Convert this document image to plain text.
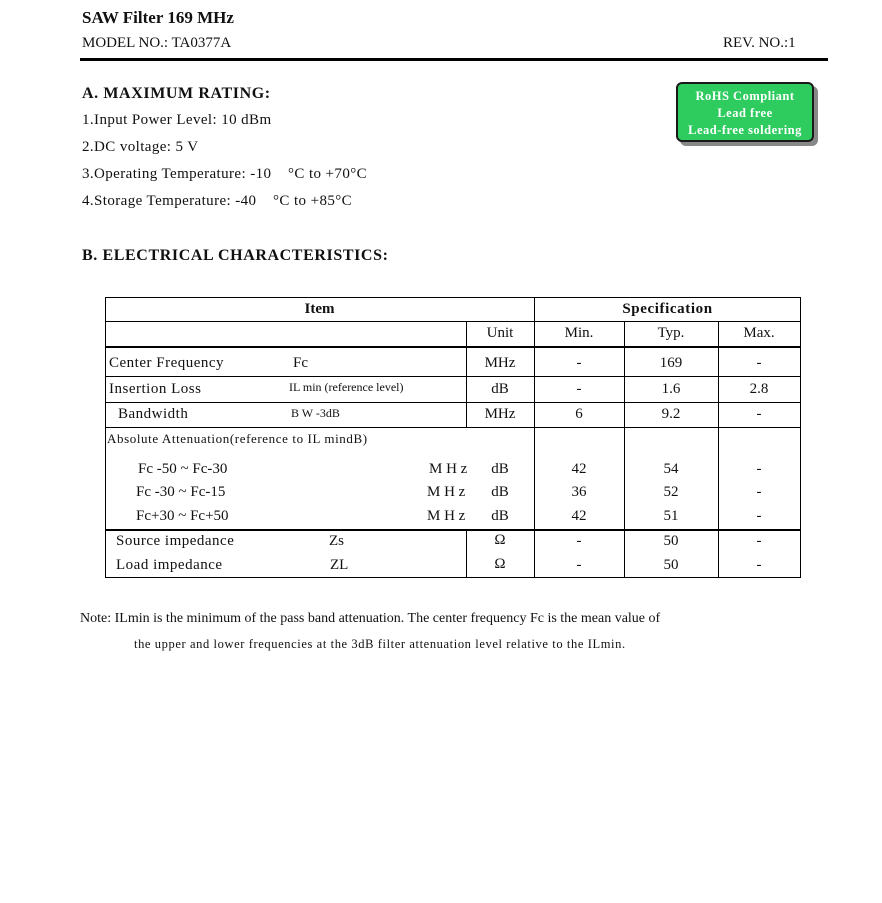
SAW Filter 169 MHz
MODEL NO.: TA0377A	REV. NO.:1
RoHS Compliant
Lead free
Lead-free soldering
A. MAXIMUM RATING:
1.Input Power Level: 10 dBm
2.DC voltage: 5 V
3.Operating Temperature: -10    °C to +70°C
4.Storage Temperature: -40    °C to +85°C
B. ELECTRICAL CHARACTERISTICS:
Item	Specification
Unit	Min.	Typ.	Max.
Center Frequency	Fc	MHz	-	169	-
Insertion Loss	IL min (reference level)	dB	-	1.6	2.8
Bandwidth	B W -3dB	MHz	6	9.2	-
Absolute Attenuation(reference to IL mindB)
Fc -50 ~ Fc-30	M H z	dB	42	54	-
Fc -30 ~ Fc-15	M H z	dB	36	52	-
Fc+30 ~ Fc+50	M H z	dB	42	51	-
Source impedance	Zs	Ω	-	50	-
Load impedance	ZL	Ω	-	50	-
Note: ILmin is the minimum of the pass band attenuation. The center frequency Fc is the mean value of
the upper and lower frequencies at the 3dB filter attenuation level relative to the ILmin.
